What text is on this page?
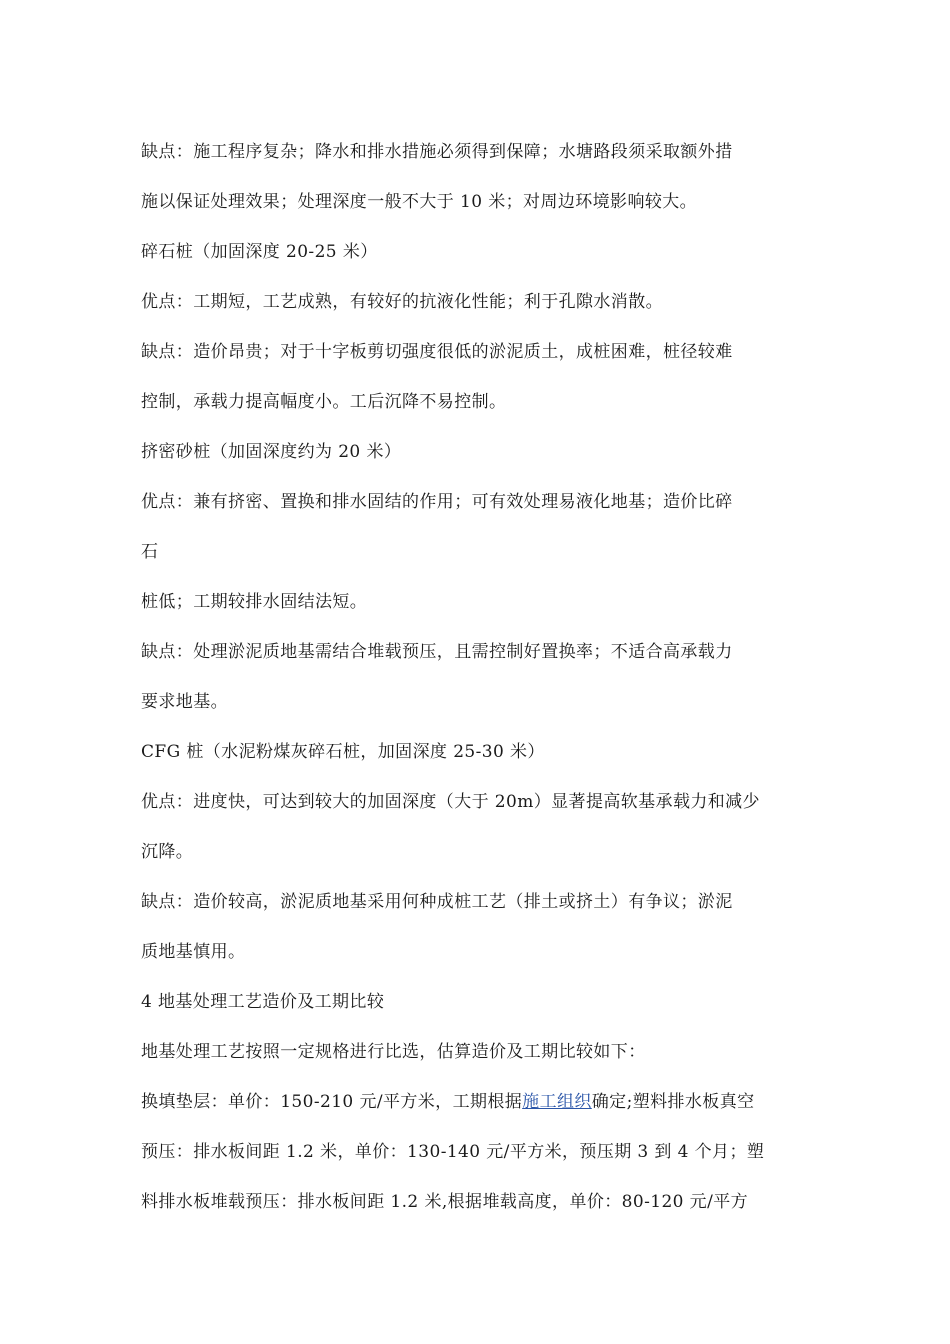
缺点：施工程序复杂；降水和排水措施必须得到保障；水塘路段须采取额外措
施以保证处理效果；处理深度一般不大于 10 米；对周边环境影响较大。
碎石桩（加固深度 20-25 米）
优点：工期短，工艺成熟，有较好的抗液化性能；利于孔隙水消散。
缺点：造价昂贵；对于十字板剪切强度很低的淤泥质土，成桩困难，桩径较难
控制，承载力提高幅度小。工后沉降不易控制。
挤密砂桩（加固深度约为 20 米）
优点：兼有挤密、置换和排水固结的作用；可有效处理易液化地基；造价比碎
石
桩低；工期较排水固结法短。
缺点：处理淤泥质地基需结合堆载预压，且需控制好置换率；不适合高承载力
要求地基。
CFG 桩（水泥粉煤灰碎石桩，加固深度 25-30 米）
优点：进度快，可达到较大的加固深度（大于 20m）显著提高软基承载力和减少
沉降。
缺点：造价较高，淤泥质地基采用何种成桩工艺（排土或挤土）有争议；淤泥
质地基慎用。
4 地基处理工艺造价及工期比较
地基处理工艺按照一定规格进行比选，估算造价及工期比较如下：
换填垫层：单价：150-210 元/平方米，工期根据施工组织确定;塑料排水板真空
预压：排水板间距 1.2 米，单价：130-140 元/平方米，预压期 3 到 4 个月；塑
料排水板堆载预压：排水板间距 1.2 米,根据堆载高度，单价：80-120 元/平方
